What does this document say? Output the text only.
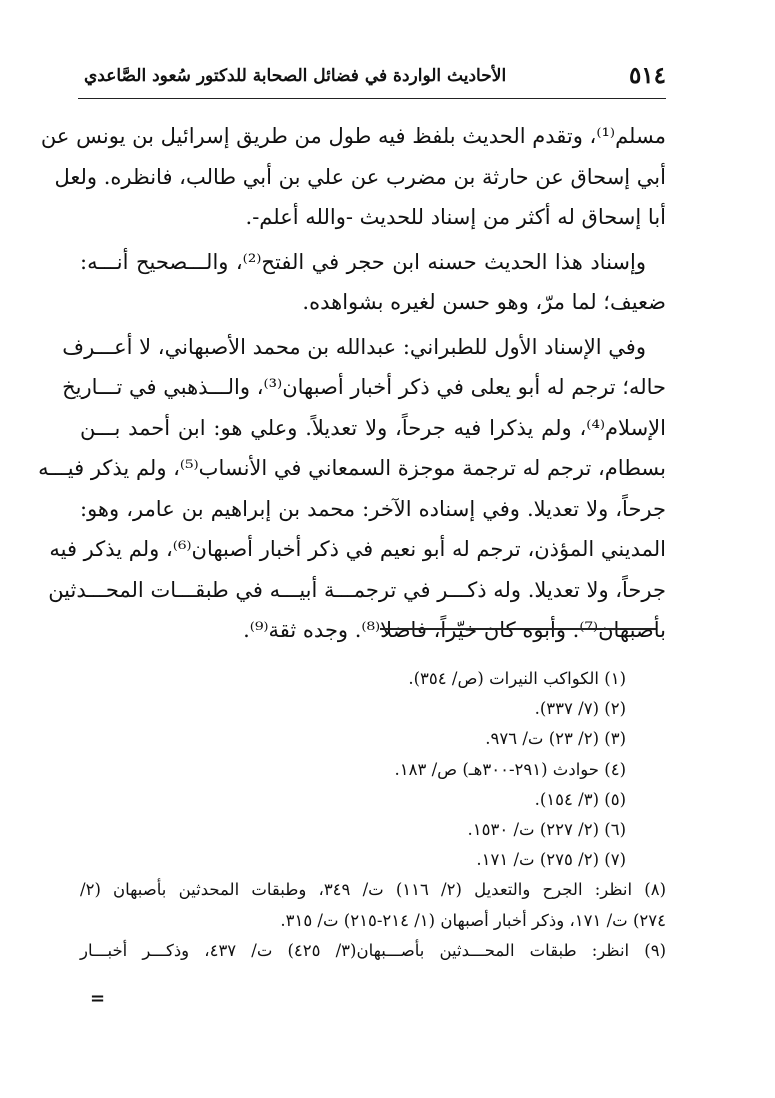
٥١٤
الأحاديث الواردة في فضائل الصحابة للدكتور سُعود الصَّاعدي
مسلم⁽¹⁾، وتقدم الحديث بلفظ فيه طول من طريق إسرائيل بن يونس عن
أبي إسحاق عن حارثة بن مضرب عن علي بن أبي طالب، فانظره. ولعل
أبا إسحاق له أكثر من إسناد للحديث -والله أعلم-.
وإسناد هذا الحديث حسنه ابن حجر في الفتح⁽²⁾، والـــصحيح أنـــه:
ضعيف؛ لما مرّ، وهو حسن لغيره بشواهده.
وفي الإسناد الأول للطبراني: عبدالله بن محمد الأصبهاني، لا أعـــرف
حاله؛ ترجم له أبو يعلى في ذكر أخبار أصبهان⁽³⁾، والـــذهبي في تـــاريخ
الإسلام⁽⁴⁾، ولم يذكرا فيه جرحاً، ولا تعديلاً. وعلي هو: ابن أحمد بـــن
بسطام، ترجم له ترجمة موجزة السمعاني في الأنساب⁽⁵⁾، ولم يذكر فيـــه
جرحاً، ولا تعديلا. وفي إسناده الآخر: محمد بن إبراهيم بن عامر، وهو:
المديني المؤذن، ترجم له أبو نعيم في ذكر أخبار أصبهان⁽⁶⁾، ولم يذكر فيه
جرحاً، ولا تعديلا. وله ذكـــر في ترجمـــة أبيـــه في طبقـــات المحـــدثين
بأصبهان⁽⁷⁾. وأبوه كان خيّراً، فاضلا⁽⁸⁾. وجده ثقة⁽⁹⁾.
(١) الكواكب النيرات (ص/ ٣٥٤).
(٢) (٧/ ٣٣٧).
(٣) (٢/ ٢٣) ت/ ٩٧٦.
(٤) حوادث (٢٩١-٣٠٠هـ) ص/ ١٨٣.
(٥) (٣/ ١٥٤).
(٦) (٢/ ٢٢٧) ت/ ١٥٣٠.
(٧) (٢/ ٢٧٥) ت/ ١٧١.
(٨) انظر: الجرح والتعديل (٢/ ١١٦) ت/ ٣٤٩، وطبقات المحدثين بأصبهان (٢/
٢٧٤) ت/ ١٧١، وذكر أخبار أصبهان (١/ ٢١٤-٢١٥) ت/ ٣١٥.
(٩) انظر: طبقات المحـــدثين بأصـــبهان(٣/ ٤٢٥) ت/ ٤٣٧، وذكـــر أخبـــار
=
